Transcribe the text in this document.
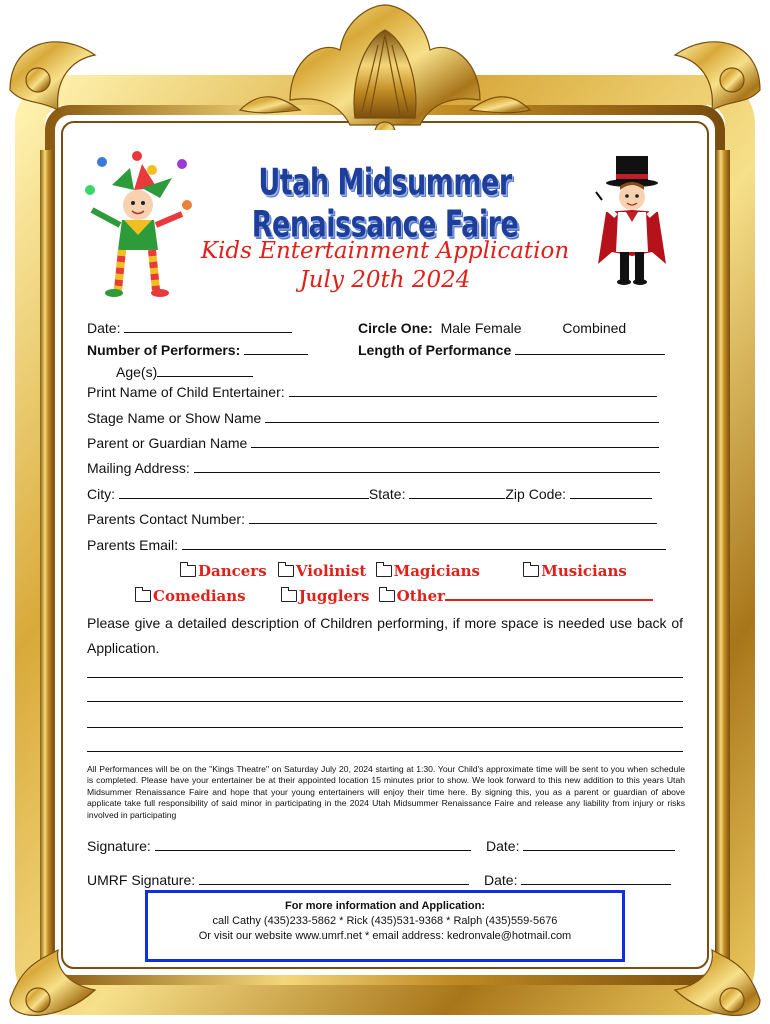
Utah Midsummer Renaissance Faire
Kids Entertainment Application
July 20th 2024
Date:	Circle One: Male Female	Combined
Number of Performers:	Length of Performance
Age(s)
Print Name of Child Entertainer:
Stage Name or Show Name
Parent or Guardian Name
Mailing Address:
City:	State:	Zip Code:
Parents Contact Number:
Parents Email:
Dancers Violinist Magicians	Musicians
Comedians	Jugglers Other
Please give a detailed description of Children performing, if more space is needed use back of Application.
All Performances will be on the "Kings Theatre" on Saturday July 20, 2024 starting at 1:30. Your Child's approximate time will be sent to you when schedule is completed. Please have your entertainer be at their appointed location 15 minutes prior to show. We look forward to this new addition to this years Utah Midsummer Renaissance Faire and hope that your young entertainers will enjoy their time here. By signing this, you as a parent or guardian of above applicate take full responsibility of said minor in participating in the 2024 Utah Midsummer Renaissance Faire and release any liability from injury or risks involved in participating
Signature:	Date:
UMRF Signature:	Date:
For more information and Application:
call Cathy (435)233-5862 * Rick (435)531-9368 * Ralph (435)559-5676
Or visit our website www.umrf.net * email address: kedronvale@hotmail.com
